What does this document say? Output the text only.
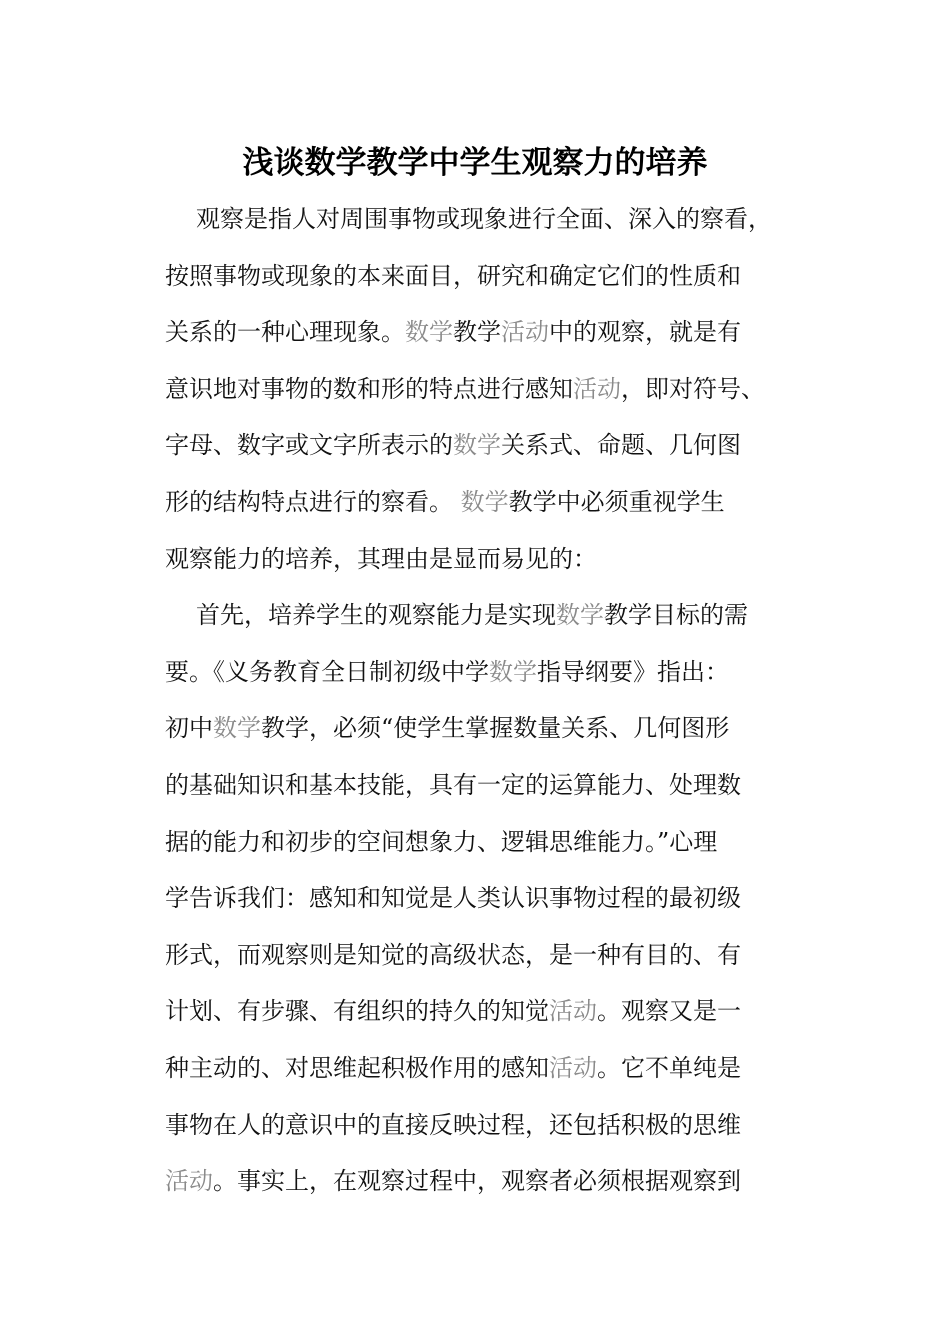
浅谈数学教学中学生观察力的培养

观察是指人对周围事物或现象进行全面、深入的察看，

按照事物或现象的本来面目，研究和确定它们的性质和

关系的一种心理现象。数学教学活动中的观察，就是有

意识地对事物的数和形的特点进行感知活动，即对符号、

字母、数字或文字所表示的数学关系式、命题、几何图

形的结构特点进行的察看。 数学教学中必须重视学生

观察能力的培养，其理由是显而易见的：

首先，培养学生的观察能力是实现数学教学目标的需

要。《义务教育全日制初级中学数学指导纲要》指出：

初中数学教学，必须“使学生掌握数量关系、几何图形

的基础知识和基本技能，具有一定的运算能力、处理数

据的能力和初步的空间想象力、逻辑思维能力。”心理

学告诉我们：感知和知觉是人类认识事物过程的最初级

形式，而观察则是知觉的高级状态，是一种有目的、有

计划、有步骤、有组织的持久的知觉活动。观察又是一

种主动的、对思维起积极作用的感知活动。它不单纯是

事物在人的意识中的直接反映过程，还包括积极的思维

活动。事实上，在观察过程中，观察者必须根据观察到
